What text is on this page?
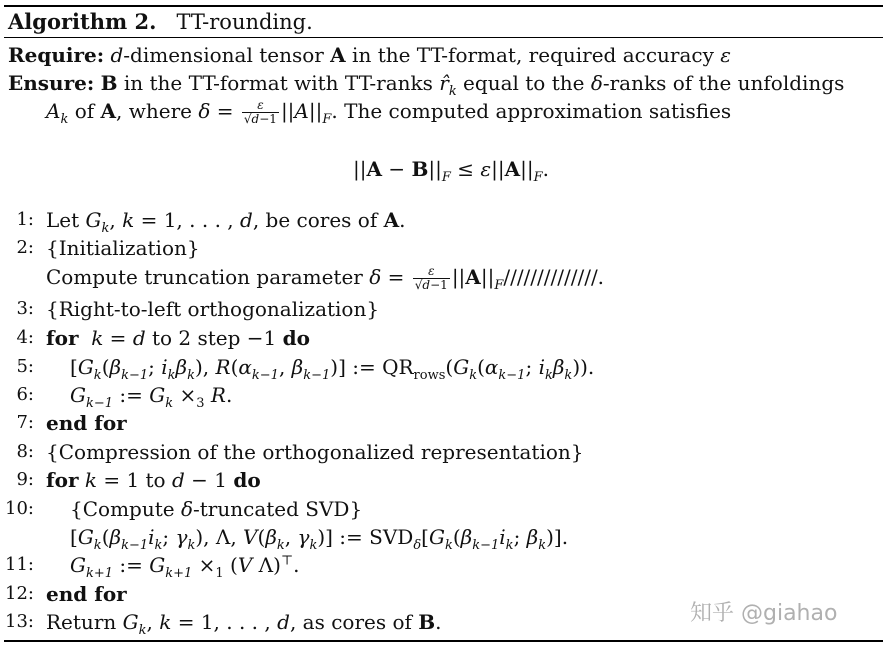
Algorithm 2. TT-rounding.
Require: d-dimensional tensor A in the TT-format, required accuracy ε
Ensure: B in the TT-format with TT-ranks $r̂_k$ equal to the δ-ranks of the unfoldings
$A_k$ of A, where $\delta = \frac{\varepsilon}{√d-1} ||A||_F$. The computed approximation satisfies
$||A - B||_F \le \varepsilon||A||_F$.
1: Let $G_k$, k = 1, . . . , d, be cores of A.
2: {Initialization}
Compute truncation parameter $\delta = \frac{\varepsilon}{√d-1} ||A||_F//////////////$.
3: {Right-to-left orthogonalization}
4: for k = d to 2 step −1 do
5: [$G_k(\beta_{k-1}$; $i_k\beta_k$), $R(\alpha_{k-1}$, $\beta_{k-1}$)] := $QR_{rows}(G_k(\alpha_{k-1}$; $i_k\beta_k$)).
6: $G_{k-1}$ := $G_k \times_3$ R.
7: end for
8: {Compression of the orthogonalized representation}
9: for k = 1 to d − 1 do
10: {Compute δ-truncated SVD}
[$G_k(\beta_{k-1}i_k$; $\gamma_k$), Λ, $V(\beta_k$, $\gamma_k$)] := $SVD_\delta[G_k(\beta_{k-1}i_k$; $\beta_k$)].
11: $G_{k+1}$ := $G_{k+1} \times_1$ (V Λ)⊤.
12: end for
13: Return $G_k$, k = 1, . . . , d, as cores of B.	知乎 @giahao
